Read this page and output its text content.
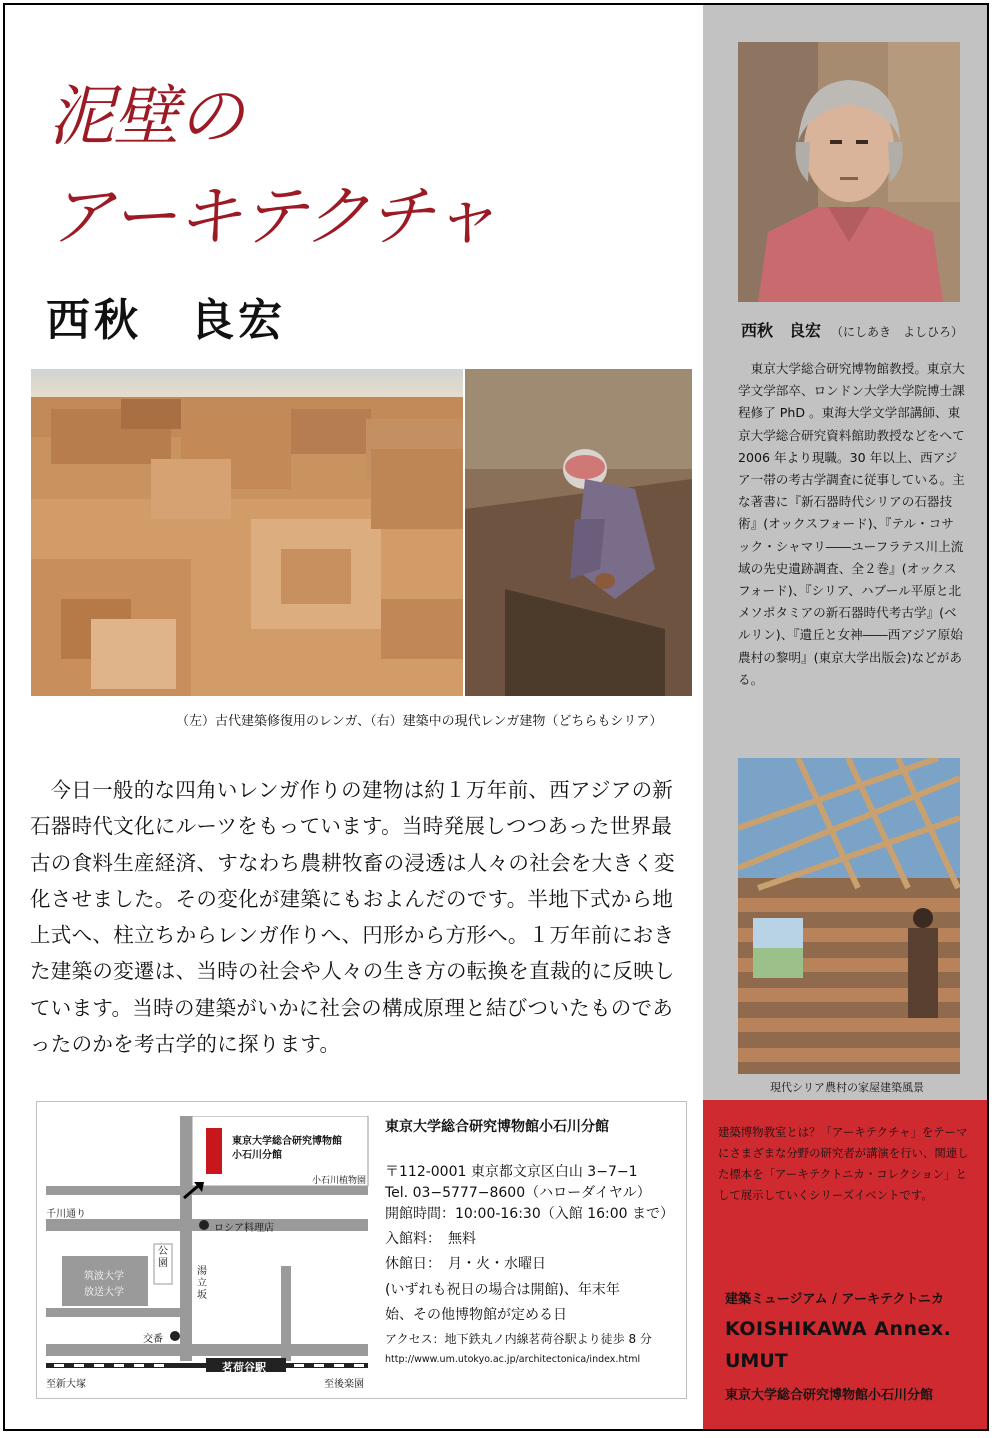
泥壁の
アーキテクチャ
西秋　良宏
（左）古代建築修復用のレンガ、（右）建築中の現代レンガ建物（どちらもシリア）
今日一般的な四角いレンガ作りの建物は約１万年前、西アジアの新石器時代文化にルーツをもっています。当時発展しつつあった世界最古の食料生産経済、すなわち農耕牧畜の浸透は人々の社会を大きく変化させました。その変化が建築にもおよんだのです。半地下式から地上式へ、柱立ちからレンガ作りへ、円形から方形へ。１万年前におきた建築の変遷は、当時の社会や人々の生き方の転換を直裁的に反映しています。当時の建築がいかに社会の構成原理と結びついたものであったのかを考古学的に探ります。
西秋　良宏 （にしあき　よしひろ）
東京大学総合研究博物館教授。東京大学文学部卒、ロンドン大学大学院博士課程修了 PhD 。東海大学文学部講師、東京大学総合研究資料館助教授などをへて 2006 年より現職。30 年以上、西アジア一帯の考古学調査に従事している。主な著書に『新石器時代シリアの石器技術』(オックスフォード)、『テル・コサック・シャマリ――ユーフラテス川上流域の先史遺跡調査、全２巻』(オックスフォード)、『シリア、ハブール平原と北メソポタミアの新石器時代考古学』(ベルリン)、『遺丘と女神――西アジア原始農村の黎明』(東京大学出版会)などがある。
現代シリア農村の家屋建築風景
東京大学総合研究博物館
小石川分館
小石川植物園
千川通り
ロシア料理店
筑波大学
放送大学
公園
湯立坂
交番
茗荷谷駅
至新大塚	至後楽園
東京大学総合研究博物館小石川分館
〒112-0001 東京都文京区白山 3−7−1
Tel. 03−5777−8600（ハローダイヤル）
開館時間：10:00-16:30（入館 16:00 まで）
入館料：　無料
休館日：　月・火・水曜日
(いずれも祝日の場合は開館)、年末年
始、その他博物館が定める日
アクセス：地下鉄丸ノ内線茗荷谷駅より徒歩 8 分
http://www.um.utokyo.ac.jp/architectonica/index.html
建築博物教室とは？「アーキテクチャ」をテーマにさまざまな分野の研究者が講演を行い、関連した標本を「アーキテクトニカ・コレクション」として展示していくシリーズイベントです。
建築ミュージアム / アーキテクトニカ
KOISHIKAWA Annex.
UMUT
東京大学総合研究博物館小石川分館
